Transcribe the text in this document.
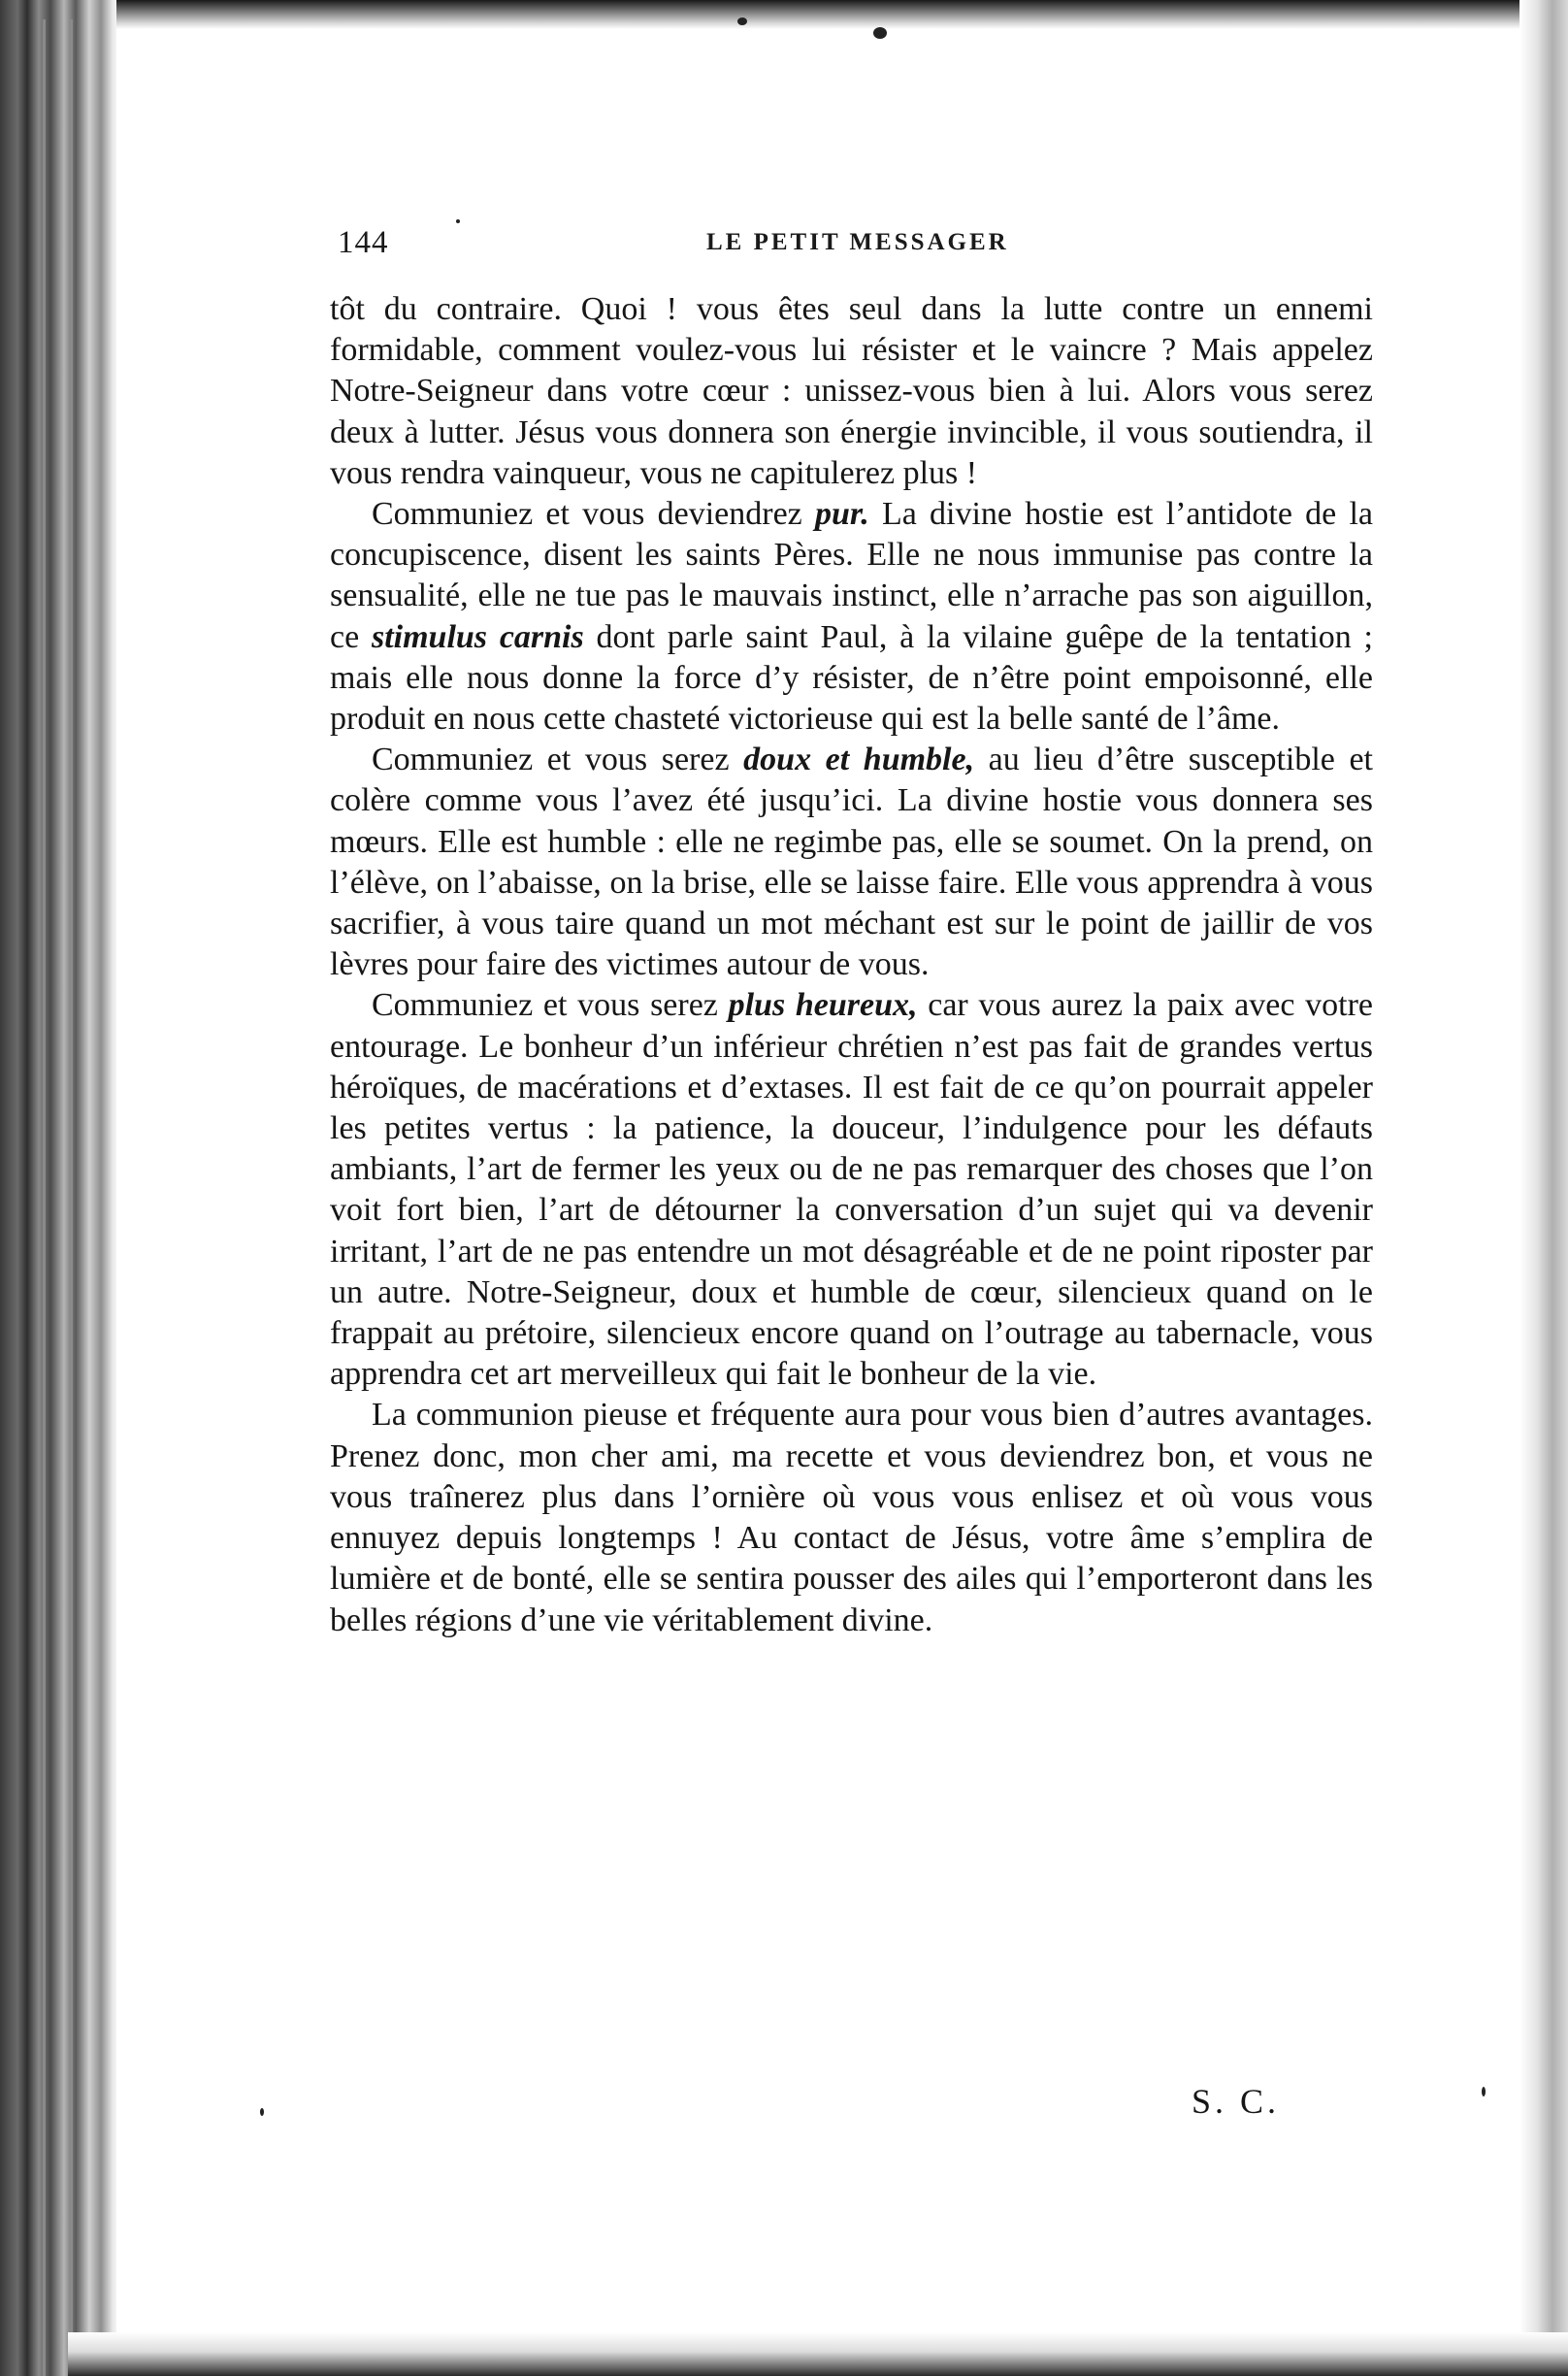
144	LE PETIT MESSAGER

tôt du contraire. Quoi ! vous êtes seul dans la lutte contre un ennemi formidable, comment voulez-vous lui résister et le vaincre ? Mais appelez Notre-Seigneur dans votre cœur : unissez-vous bien à lui. Alors vous serez deux à lutter. Jésus vous donnera son énergie invincible, il vous soutiendra, il vous rendra vainqueur, vous ne capitulerez plus !

Communiez et vous deviendrez pur. La divine hostie est l’antidote de la concupiscence, disent les saints Pères. Elle ne nous immunise pas contre la sensualité, elle ne tue pas le mauvais instinct, elle n’arrache pas son aiguillon, ce stimulus carnis dont parle saint Paul, à la vilaine guêpe de la tentation ; mais elle nous donne la force d’y résister, de n’être point empoisonné, elle produit en nous cette chasteté victorieuse qui est la belle santé de l’âme.

Communiez et vous serez doux et humble, au lieu d’être susceptible et colère comme vous l’avez été jusqu’ici. La divine hostie vous donnera ses mœurs. Elle est humble : elle ne regimbe pas, elle se soumet. On la prend, on l’élève, on l’abaisse, on la brise, elle se laisse faire. Elle vous apprendra à vous sacrifier, à vous taire quand un mot méchant est sur le point de jaillir de vos lèvres pour faire des victimes autour de vous.

Communiez et vous serez plus heureux, car vous aurez la paix avec votre entourage. Le bonheur d’un inférieur chrétien n’est pas fait de grandes vertus héroïques, de macérations et d’extases. Il est fait de ce qu’on pourrait appeler les petites vertus : la patience, la douceur, l’indulgence pour les défauts ambiants, l’art de fermer les yeux ou de ne pas remarquer des choses que l’on voit fort bien, l’art de détourner la conversation d’un sujet qui va devenir irritant, l’art de ne pas entendre un mot désagréable et de ne point riposter par un autre. Notre-Seigneur, doux et humble de cœur, silencieux quand on le frappait au prétoire, silencieux encore quand on l’outrage au tabernacle, vous apprendra cet art merveilleux qui fait le bonheur de la vie.

La communion pieuse et fréquente aura pour vous bien d’autres avantages. Prenez donc, mon cher ami, ma recette et vous deviendrez bon, et vous ne vous traînerez plus dans l’ornière où vous vous enlisez et où vous vous ennuyez depuis longtemps ! Au contact de Jésus, votre âme s’emplira de lumière et de bonté, elle se sentira pousser des ailes qui l’emporteront dans les belles régions d’une vie véritablement divine.

S. C.
